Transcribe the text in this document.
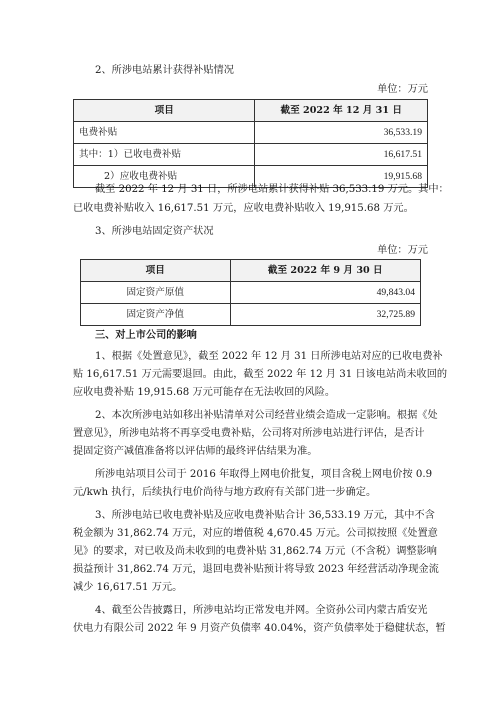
2、所涉电站累计获得补贴情况
单位：万元
项目	截至 2022 年 12 月 31 日
电费补贴	36,533.19
其中：1）已收电费补贴	16,617.51
2）应收电费补贴	19,915.68
截至 2022 年 12 月 31 日，所涉电站累计获得补贴 36,533.19 万元。其中：
已收电费补贴收入 16,617.51 万元，应收电费补贴收入 19,915.68 万元。
3、所涉电站固定资产状况
单位：万元
项目	截至 2022 年 9 月 30 日
固定资产原值	49,843.04
固定资产净值	32,725.89
三、对上市公司的影响
1、根据《处置意见》，截至 2022 年 12 月 31 日所涉电站对应的已收电费补
贴 16,617.51 万元需要退回。由此，截至 2022 年 12 月 31 日该电站尚未收回的
应收电费补贴 19,915.68 万元可能存在无法收回的风险。
2、本次所涉电站如移出补贴清单对公司经营业绩会造成一定影响。根据《处
置意见》，所涉电站将不再享受电费补贴，公司将对所涉电站进行评估，是否计
提固定资产减值准备将以评估师的最终评估结果为准。
所涉电站项目公司于 2016 年取得上网电价批复，项目含税上网电价按 0.9
元/kwh 执行，后续执行电价尚待与地方政府有关部门进一步确定。
3、所涉电站已收电费补贴及应收电费补贴合计 36,533.19 万元，其中不含
税金额为 31,862.74 万元，对应的增值税 4,670.45 万元。公司拟按照《处置意
见》的要求，对已收及尚未收到的电费补贴 31,862.74 万元（不含税）调整影响
损益预计 31,862.74 万元，退回电费补贴预计将导致 2023 年经营活动净现金流
减少 16,617.51 万元。
4、截至公告披露日，所涉电站均正常发电并网。全资孙公司内蒙古盾安光
伏电力有限公司 2022 年 9 月资产负债率 40.04%，资产负债率处于稳健状态，暂
